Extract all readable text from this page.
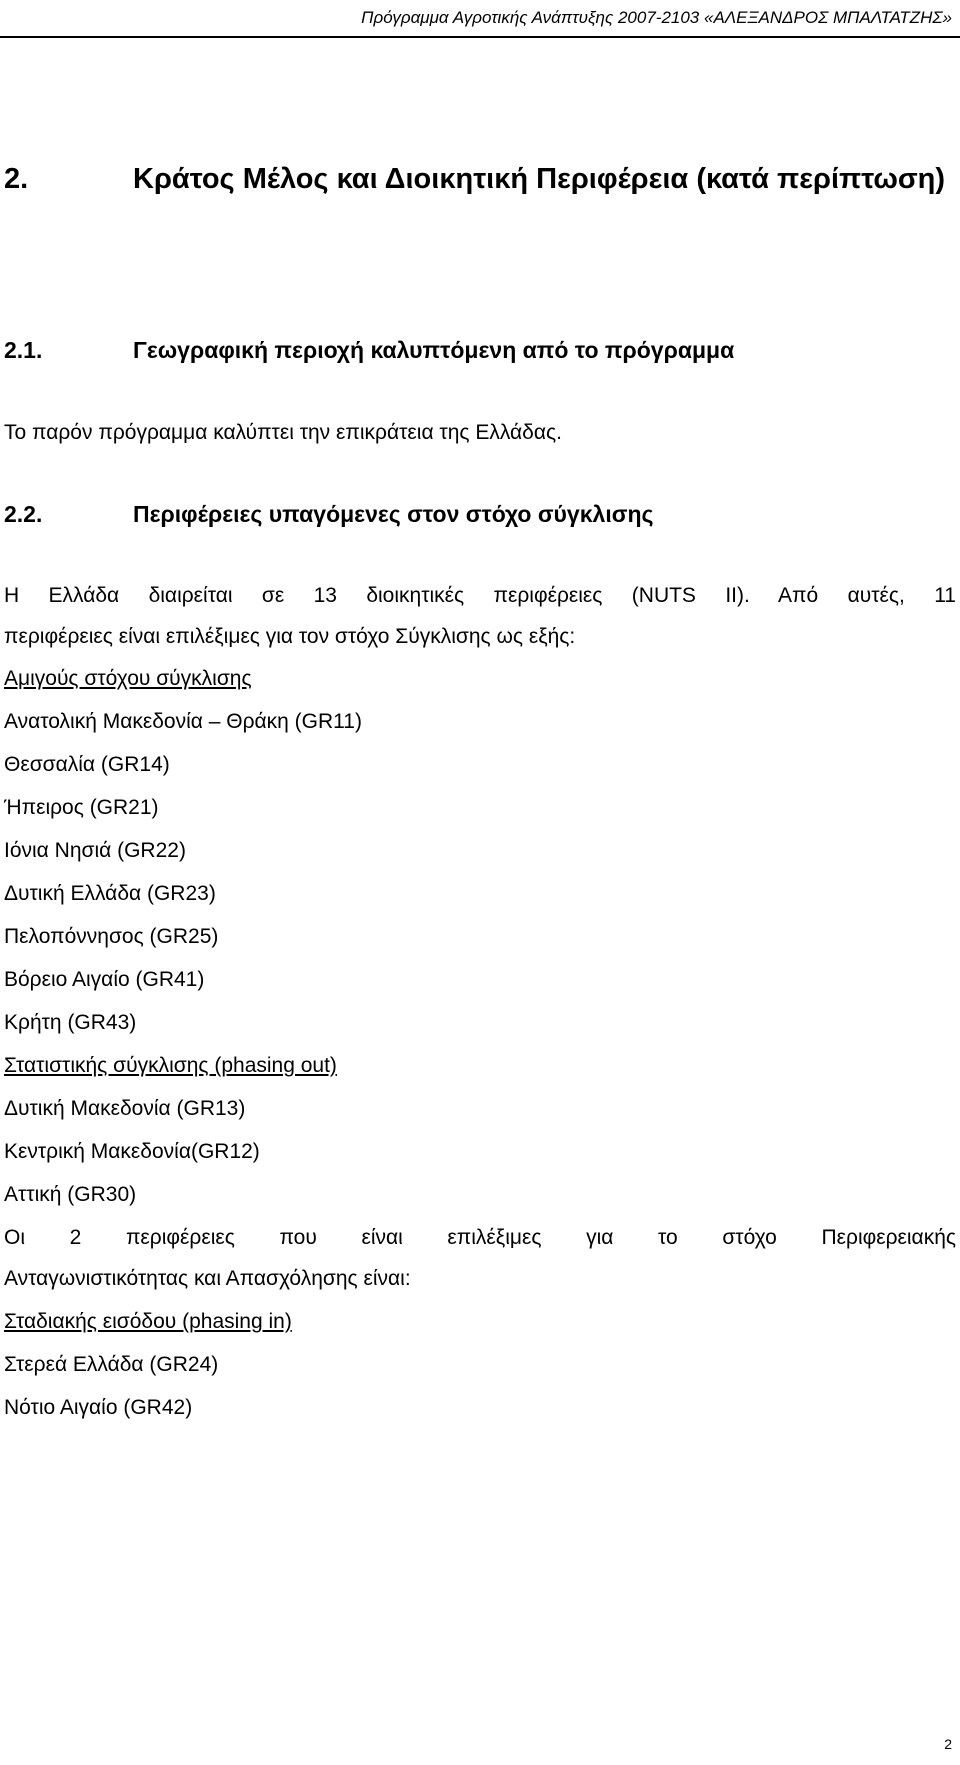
Πρόγραμμα Αγροτικής Ανάπτυξης 2007-2103 «ΑΛΕΞΑΝΔΡΟΣ ΜΠΑΛΤΑΤΖΗΣ»
2.	Κράτος Μέλος και Διοικητική Περιφέρεια (κατά περίπτωση)
2.1.	Γεωγραφική περιοχή καλυπτόμενη από το πρόγραμμα
Το παρόν πρόγραμμα καλύπτει την επικράτεια της Ελλάδας.
2.2.	Περιφέρειες υπαγόμενες στον στόχο σύγκλισης
Η Ελλάδα διαιρείται σε 13 διοικητικές περιφέρειες (NUTS II). Από αυτές, 11
περιφέρειες είναι επιλέξιμες για τον στόχο Σύγκλισης ως εξής:
Αμιγούς στόχου σύγκλισης
Ανατολική Μακεδονία – Θράκη (GR11)
Θεσσαλία (GR14)
Ήπειρος (GR21)
Ιόνια Νησιά (GR22)
Δυτική Ελλάδα (GR23)
Πελοπόννησος (GR25)
Βόρειο Αιγαίο (GR41)
Κρήτη (GR43)
Στατιστικής σύγκλισης (phasing out)
Δυτική Μακεδονία (GR13)
Κεντρική Μακεδονία(GR12)
Αττική (GR30)
Οι 2 περιφέρειες που είναι επιλέξιμες για το στόχο Περιφερειακής
Ανταγωνιστικότητας και Απασχόλησης είναι:
Σταδιακής εισόδου (phasing in)
Στερεά Ελλάδα (GR24)
Νότιο Αιγαίο (GR42)
2
